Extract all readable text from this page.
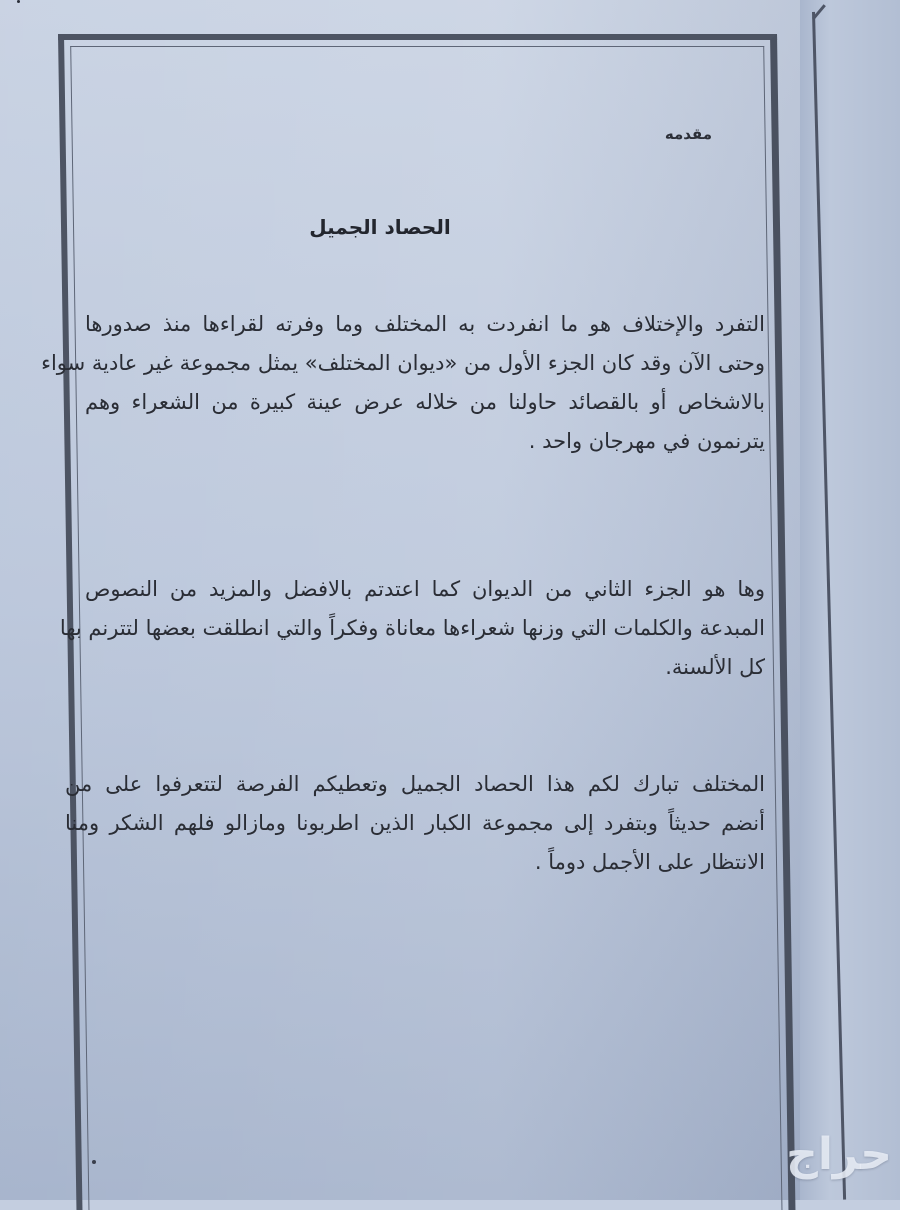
مقدمه
الحصاد الجميل
التفرد والإختلاف هو ما انفردت به المختلف وما وفرته لقراءها منذ صدورها
وحتى الآن وقد كان الجزء الأول من «ديوان المختلف» يمثل مجموعة غير عادية سواء
بالاشخاص أو بالقصائد حاولنا من خلاله عرض عينة كبيرة من الشعراء وهم
يترنمون في مهرجان واحد .
وها هو الجزء الثاني من الديوان كما اعتدتم بالافضل والمزيد من النصوص
المبدعة والكلمات التي وزنها شعراءها معاناة وفكراً والتي انطلقت بعضها لتترنم بها
كل الألسنة.
المختلف تبارك لكم هذا الحصاد الجميل وتعطيكم الفرصة لتتعرفوا على من
أنضم حديثاً وبتفرد إلى مجموعة الكبار الذين اطربونا ومازالو فلهم الشكر ومنا
الانتظار على الأجمل دوماً .
حراج
